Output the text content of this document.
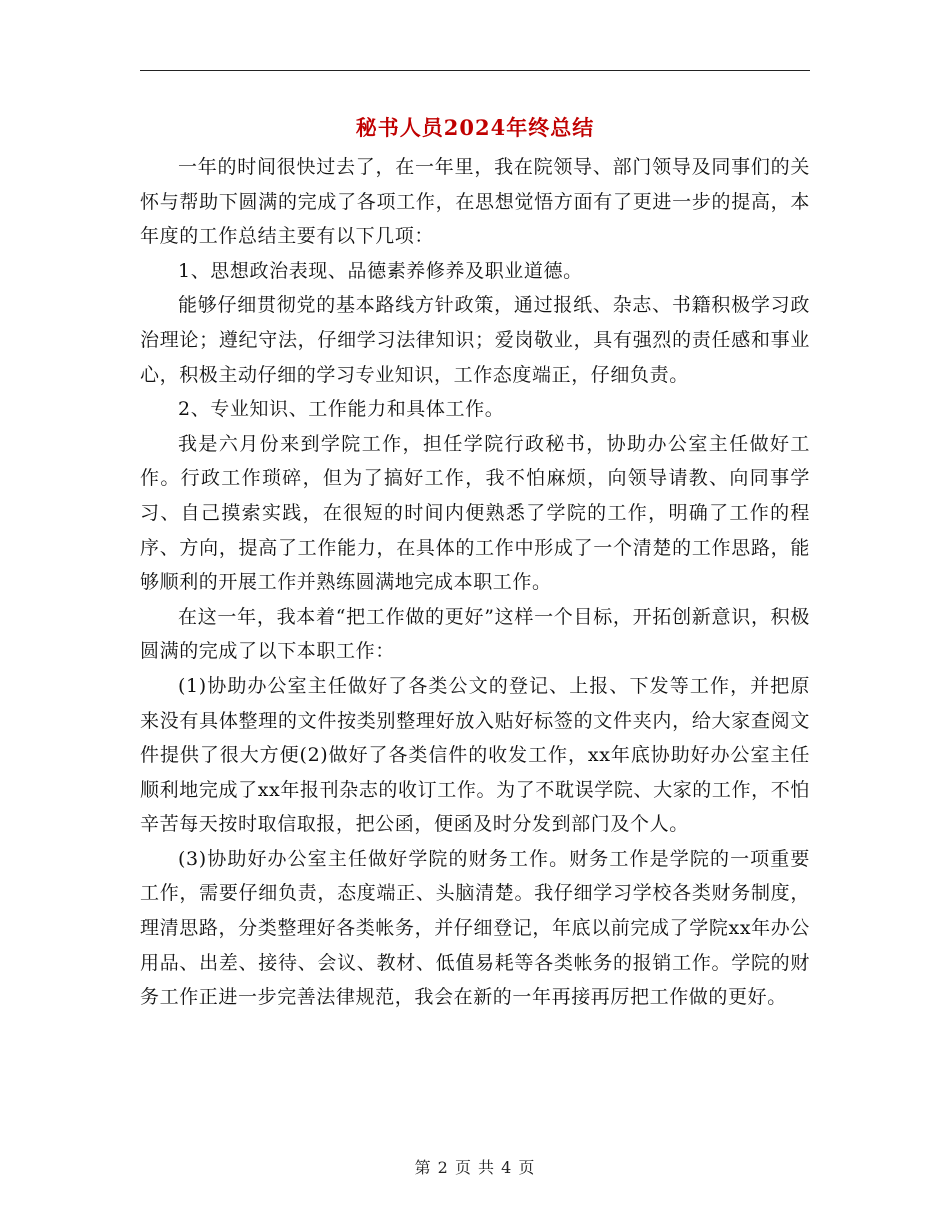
秘书人员2024年终总结

一年的时间很快过去了，在一年里，我在院领导、部门领导及同事们的关怀与帮助下圆满的完成了各项工作，在思想觉悟方面有了更进一步的提高，本年度的工作总结主要有以下几项：

1、思想政治表现、品德素养修养及职业道德。

能够仔细贯彻党的基本路线方针政策，通过报纸、杂志、书籍积极学习政治理论；遵纪守法，仔细学习法律知识；爱岗敬业，具有强烈的责任感和事业心，积极主动仔细的学习专业知识，工作态度端正，仔细负责。

2、专业知识、工作能力和具体工作。

我是六月份来到学院工作，担任学院行政秘书，协助办公室主任做好工作。行政工作琐碎，但为了搞好工作，我不怕麻烦，向领导请教、向同事学习、自己摸索实践，在很短的时间内便熟悉了学院的工作，明确了工作的程序、方向，提高了工作能力，在具体的工作中形成了一个清楚的工作思路，能够顺利的开展工作并熟练圆满地完成本职工作。

在这一年，我本着“把工作做的更好”这样一个目标，开拓创新意识，积极圆满的完成了以下本职工作：

(1)协助办公室主任做好了各类公文的登记、上报、下发等工作，并把原来没有具体整理的文件按类别整理好放入贴好标签的文件夹内，给大家查阅文件提供了很大方便(2)做好了各类信件的收发工作，xx年底协助好办公室主任顺利地完成了xx年报刊杂志的收订工作。为了不耽误学院、大家的工作，不怕辛苦每天按时取信取报，把公函，便函及时分发到部门及个人。

(3)协助好办公室主任做好学院的财务工作。财务工作是学院的一项重要工作，需要仔细负责，态度端正、头脑清楚。我仔细学习学校各类财务制度，理清思路，分类整理好各类帐务，并仔细登记，年底以前完成了学院xx年办公用品、出差、接待、会议、教材、低值易耗等各类帐务的报销工作。学院的财务工作正进一步完善法律规范，我会在新的一年再接再厉把工作做的更好。

第 2 页 共 4 页
